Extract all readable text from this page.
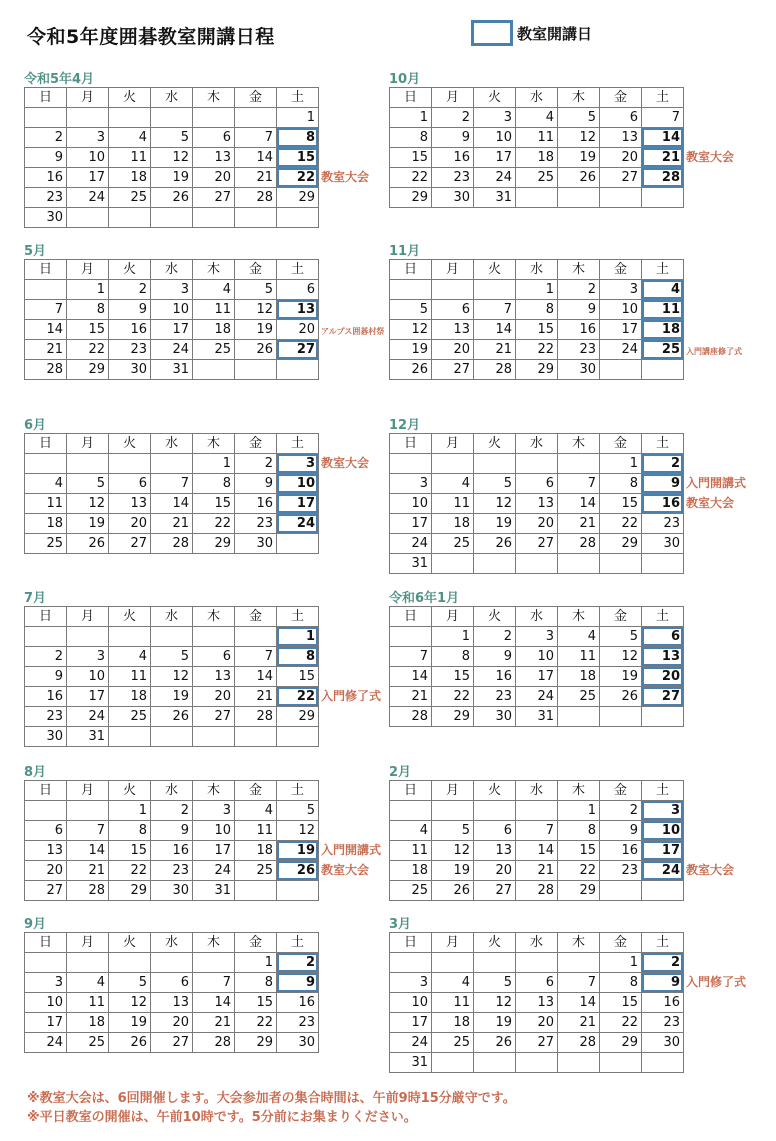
令和5年度囲碁教室開講日程	教室開講日
令和5年4月
日	月	火	水	木	金	土
						1
2	3	4	5	6	7	8
9	10	11	12	13	14	15
16	17	18	19	20	21	22
23	24	25	26	27	28	29
30						
教室大会
5月
日	月	火	水	木	金	土
	1	2	3	4	5	6
7	8	9	10	11	12	13
14	15	16	17	18	19	20
21	22	23	24	25	26	27
28	29	30	31			
アルプス囲碁村祭
6月
日	月	火	水	木	金	土
				1	2	3
4	5	6	7	8	9	10
11	12	13	14	15	16	17
18	19	20	21	22	23	24
25	26	27	28	29	30	
教室大会
7月
日	月	火	水	木	金	土
						1
2	3	4	5	6	7	8
9	10	11	12	13	14	15
16	17	18	19	20	21	22
23	24	25	26	27	28	29
30	31					
入門修了式
8月
日	月	火	水	木	金	土
		1	2	3	4	5
6	7	8	9	10	11	12
13	14	15	16	17	18	19
20	21	22	23	24	25	26
27	28	29	30	31		
入門開講式
教室大会
9月
日	月	火	水	木	金	土
					1	2
3	4	5	6	7	8	9
10	11	12	13	14	15	16
17	18	19	20	21	22	23
24	25	26	27	28	29	30
10月
日	月	火	水	木	金	土
1	2	3	4	5	6	7
8	9	10	11	12	13	14
15	16	17	18	19	20	21
22	23	24	25	26	27	28
29	30	31				
教室大会
11月
日	月	火	水	木	金	土
			1	2	3	4
5	6	7	8	9	10	11
12	13	14	15	16	17	18
19	20	21	22	23	24	25
26	27	28	29	30		
入門講座修了式
12月
日	月	火	水	木	金	土
					1	2
3	4	5	6	7	8	9
10	11	12	13	14	15	16
17	18	19	20	21	22	23
24	25	26	27	28	29	30
31						
入門開講式
教室大会
令和6年1月
日	月	火	水	木	金	土
	1	2	3	4	5	6
7	8	9	10	11	12	13
14	15	16	17	18	19	20
21	22	23	24	25	26	27
28	29	30	31			
2月
日	月	火	水	木	金	土
				1	2	3
4	5	6	7	8	9	10
11	12	13	14	15	16	17
18	19	20	21	22	23	24
25	26	27	28	29		
教室大会
3月
日	月	火	水	木	金	土
					1	2
3	4	5	6	7	8	9
10	11	12	13	14	15	16
17	18	19	20	21	22	23
24	25	26	27	28	29	30
31						
入門修了式
※教室大会は、6回開催します。大会参加者の集合時間は、午前9時15分厳守です。
※平日教室の開催は、午前10時です。5分前にお集まりください。
